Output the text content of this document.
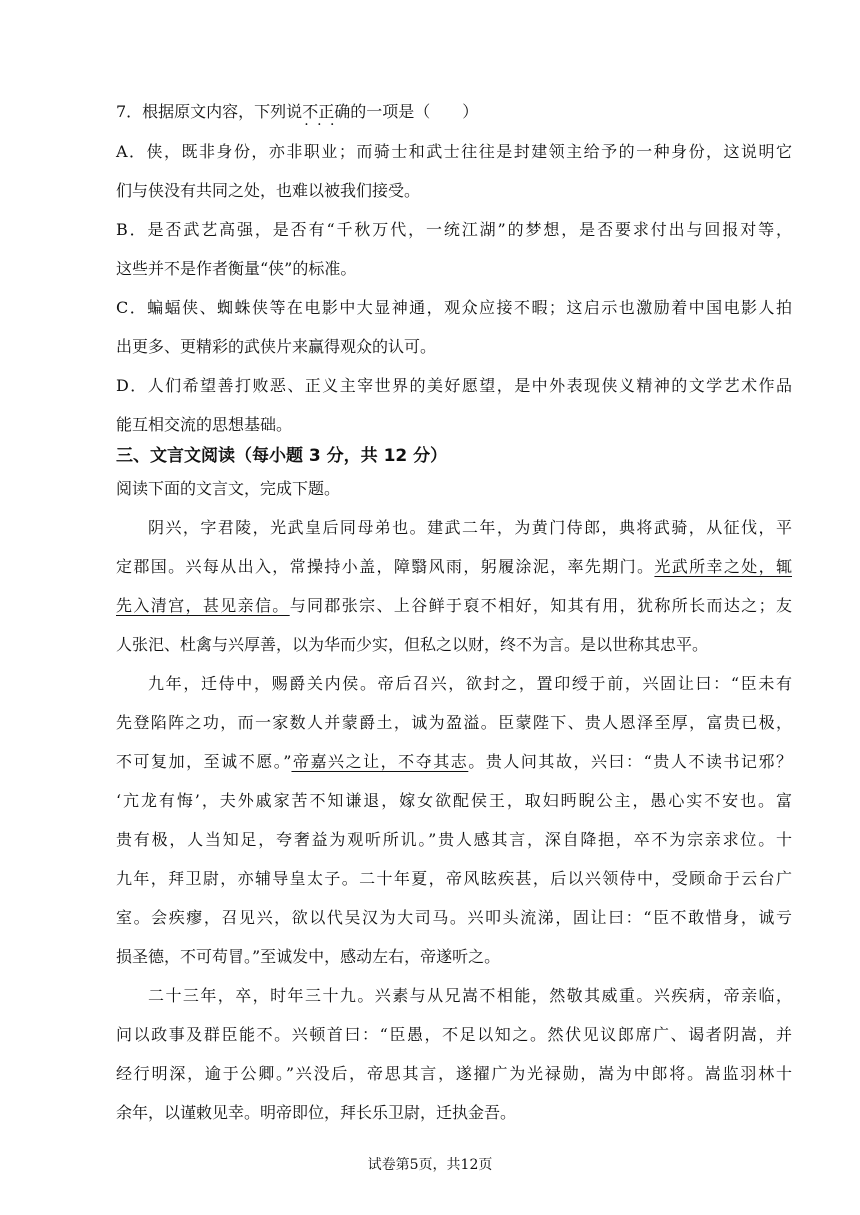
7．根据原文内容，下列说不正确 · · ·的一项是（　　）
A．侠，既非身份，亦非职业；而骑士和武士往往是封建领主给予的一种身份，这说明它
们与侠没有共同之处，也难以被我们接受。
B．是否武艺高强，是否有“千秋万代，一统江湖”的梦想，是否要求付出与回报对等，
这些并不是作者衡量“侠”的标准。
C．蝙蝠侠、蜘蛛侠等在电影中大显神通，观众应接不暇；这启示也激励着中国电影人拍
出更多、更精彩的武侠片来赢得观众的认可。
D．人们希望善打败恶、正义主宰世界的美好愿望，是中外表现侠义精神的文学艺术作品
能互相交流的思想基础。
三、文言文阅读（每小题 3 分，共 12 分）
阅读下面的文言文，完成下题。
阴兴，字君陵，光武皇后同母弟也。建武二年，为黄门侍郎，典将武骑，从征伐，平
定郡国。兴每从出入，常操持小盖，障翳风雨，躬履涂泥，率先期门。光武所幸之处，辄
先入清宫，甚见亲信。与同郡张宗、上谷鲜于裒不相好，知其有用，犹称所长而达之；友
人张汜、杜禽与兴厚善，以为华而少实，但私之以财，终不为言。是以世称其忠平。
九年，迁侍中，赐爵关内侯。帝后召兴，欲封之，置印绶于前，兴固让曰：“臣未有
先登陷阵之功，而一家数人并蒙爵土，诚为盈溢。臣蒙陛下、贵人恩泽至厚，富贵已极，
不可复加，至诚不愿。”帝嘉兴之让，不夺其志。贵人问其故，兴曰：“贵人不读书记邪？
‘亢龙有悔’，夫外戚家苦不知谦退，嫁女欲配侯王，取妇眄睨公主，愚心实不安也。富
贵有极，人当知足，夸奢益为观听所讥。”贵人感其言，深自降挹，卒不为宗亲求位。十
九年，拜卫尉，亦辅导皇太子。二十年夏，帝风眩疾甚，后以兴领侍中，受顾命于云台广
室。会疾瘳，召见兴，欲以代吴汉为大司马。兴叩头流涕，固让曰：“臣不敢惜身，诚亏
损圣德，不可苟冒。”至诚发中，感动左右，帝遂听之。
二十三年，卒，时年三十九。兴素与从兄嵩不相能，然敬其威重。兴疾病，帝亲临，
问以政事及群臣能不。兴顿首曰：“臣愚，不足以知之。然伏见议郎席广、谒者阴嵩，并
经行明深，逾于公卿。”兴没后，帝思其言，遂擢广为光禄勋，嵩为中郎将。嵩监羽林十
余年，以谨敕见幸。明帝即位，拜长乐卫尉，迁执金吾。
试卷第5页，共12页
